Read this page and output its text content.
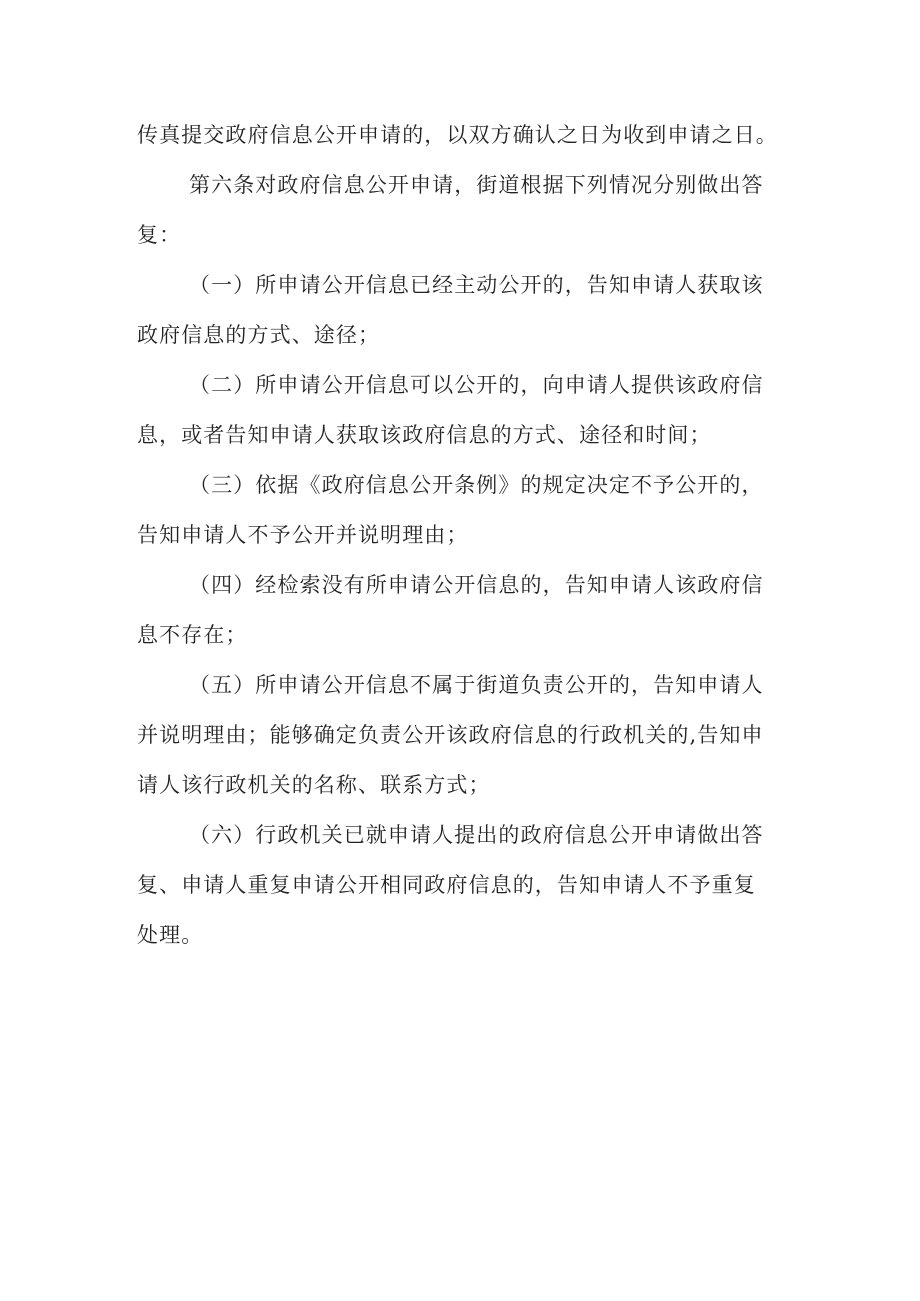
传真提交政府信息公开申请的，以双方确认之日为收到申请之日。
第六条对政府信息公开申请，街道根据下列情况分别做出答
复：
（一）所申请公开信息已经主动公开的，告知申请人获取该
政府信息的方式、途径；
（二）所申请公开信息可以公开的，向申请人提供该政府信
息，或者告知申请人获取该政府信息的方式、途径和时间；
（三）依据《政府信息公开条例》的规定决定不予公开的，
告知申请人不予公开并说明理由；
（四）经检索没有所申请公开信息的，告知申请人该政府信
息不存在；
（五）所申请公开信息不属于街道负责公开的，告知申请人
并说明理由；能够确定负责公开该政府信息的行政机关的,告知申
请人该行政机关的名称、联系方式；
（六）行政机关已就申请人提出的政府信息公开申请做出答
复、申请人重复申请公开相同政府信息的，告知申请人不予重复
处理。
